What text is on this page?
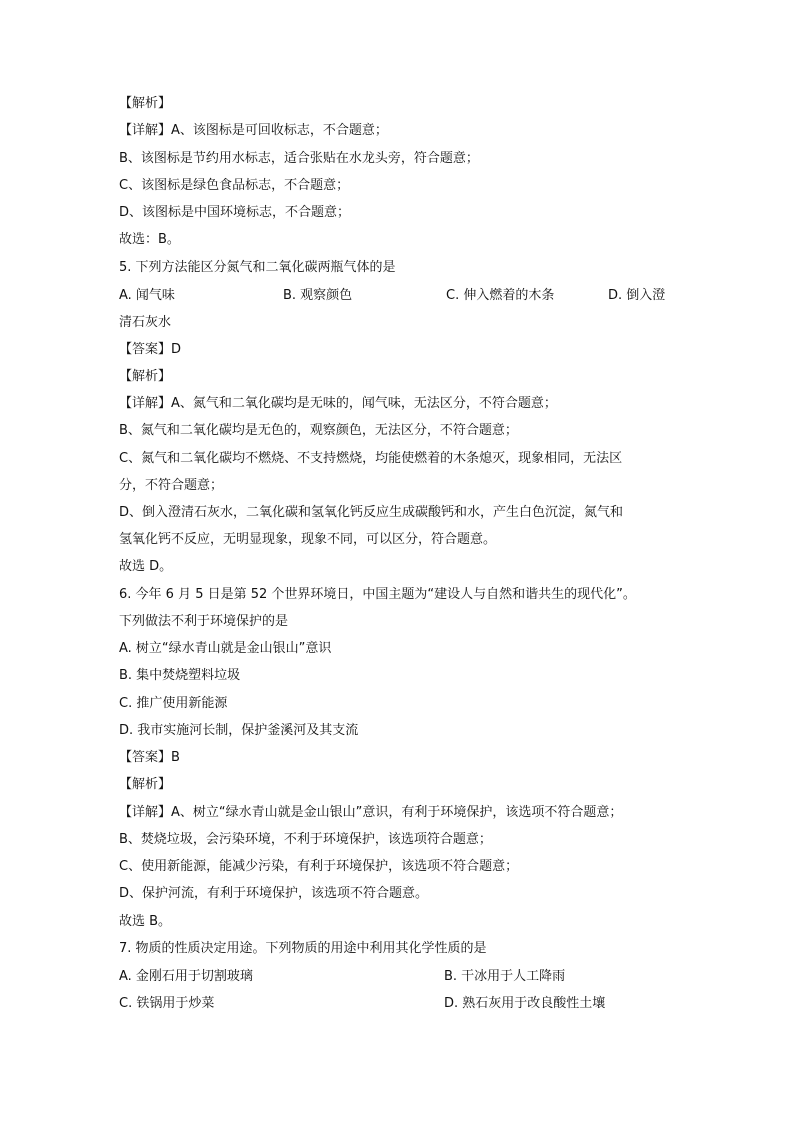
【解析】
【详解】A、该图标是可回收标志，不合题意；
B、该图标是节约用水标志，适合张贴在水龙头旁，符合题意；
C、该图标是绿色食品标志，不合题意；
D、该图标是中国环境标志，不合题意；
故选：B。
5. 下列方法能区分氮气和二氧化碳两瓶气体的是
A. 闻气味	B. 观察颜色	C. 伸入燃着的木条	D. 倒入澄
清石灰水
【答案】D
【解析】
【详解】A、氮气和二氧化碳均是无味的，闻气味，无法区分，不符合题意；
B、氮气和二氧化碳均是无色的，观察颜色，无法区分，不符合题意；
C、氮气和二氧化碳均不燃烧、不支持燃烧，均能使燃着的木条熄灭，现象相同，无法区
分，不符合题意；
D、倒入澄清石灰水，二氧化碳和氢氧化钙反应生成碳酸钙和水，产生白色沉淀，氮气和
氢氧化钙不反应，无明显现象，现象不同，可以区分，符合题意。
故选 D。
6. 今年 6 月 5 日是第 52 个世界环境日，中国主题为“建设人与自然和谐共生的现代化”。
下列做法不利于环境保护的是
A. 树立“绿水青山就是金山银山”意识
B. 集中焚烧塑料垃圾
C. 推广使用新能源
D. 我市实施河长制，保护釜溪河及其支流
【答案】B
【解析】
【详解】A、树立“绿水青山就是金山银山”意识，有利于环境保护，该选项不符合题意；
B、焚烧垃圾，会污染环境，不利于环境保护，该选项符合题意；
C、使用新能源，能减少污染，有利于环境保护，该选项不符合题意；
D、保护河流，有利于环境保护，该选项不符合题意。
故选 B。
7. 物质的性质决定用途。下列物质的用途中利用其化学性质的是
A. 金刚石用于切割玻璃	B. 干冰用于人工降雨
C. 铁锅用于炒菜	D. 熟石灰用于改良酸性土壤
